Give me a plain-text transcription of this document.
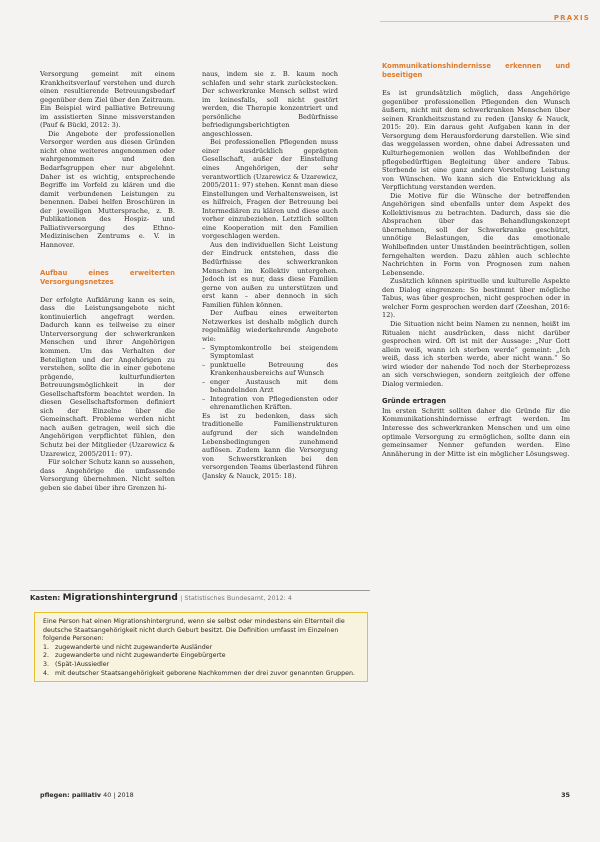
PRAXIS

Versorgung gemeint mit einem Krankheitsverlauf verstehen und durch einen resultierende Betreuungsbedarf gegenüber dem Ziel über den Zeitraum. Ein Beispiel wird palliative Betreuung im assistierten Sinne missverstanden (Pauf & Bückl, 2012: 3).

Die Angebote der professionellen Versorger werden aus diesen Gründen nicht ohne weiteres angenommen oder wahrgenommen und den Bedarfsgruppen eher nur abgelehnt. Daher ist es wichtig, entsprechende Begriffe im Vorfeld zu klären und die damit verbundenen Leistungen zu benennen. Dabei helfen Broschüren in der jeweiligen Muttersprache, z. B. Publikationen des Hospiz- und Palliativversorgung des Ethno-Medizinischen Zentrums e. V. in Hannover.

Aufbau eines erweiterten Versorgungsnetzes

Der erfolgte Aufklärung kann es sein, dass die Leistungsangebote nicht kontinuierlich angefragt werden. Dadurch kann es teilweise zu einer Unterversorgung der schwerkranken Menschen und ihrer Angehörigen kommen. Um das Verhalten der Beteiligten und der Angehörigen zu verstehen, sollte die in einer gebotene prägende, kulturfundierten Betreuungsmöglichkeit in der Gesellschaftsform beachtet werden. In diesen Gesellschaftsformen definiert sich der Einzelne über die Gemeinschaft. Probleme werden nicht nach außen getragen, weil sich die Angehörigen verpflichtet fühlen, den Schutz bei der Mitglieder (Uzarewicz & Uzarewicz, 2005/2011: 97).

Für solcher Schutz kann so aussehen, dass Angehörige die umfassende Versorgung übernehmen. Nicht selten geben sie dabei über ihre Grenzen hi-

naus, indem sie z. B. kaum noch schlafen und sehr stark zurückstecken. Der schwerkranke Mensch selbst wird im keinesfalls, soll nicht gestört werden, die Therapie konzentriert und persönliche Bedürfnisse befriedigungsberichtigten angeschlossen.

Bei professionellen Pflegenden muss einer ausdrücklich geprägten Gesellschaft, außer der Einstellung eines Angehörigen, der sehr verantwortlich (Uzarewicz & Uzarewicz, 2005/2011: 97) stehen. Kennt man diese Einstellungen und Verhaltensweisen, ist es hilfreich, Fragen der Betreuung bei Intermediären zu klären und diese auch vorher einzubeziehen. Letztlich sollten eine Kooperation mit den Familien vorgeschlagen werden.

Aus den individuellen Sicht Leistung der Eindruck entstehen, dass die Bedürfnisse des schwerkranken Menschen im Kollektiv untergehen. Jedoch ist es nur, dass diese Familien gerne von außen zu unterstützen und erst kann – aber dennoch in sich Familien fühlen können.

Der Aufbau eines erweiterten Netzwerkes ist deshalb möglich durch regelmäßig wiederkehrende Angebote wie:

– Symptomkontrolle bei steigendem Symptomlast
– punktuelle Betreuung des Krankenhausbereichs auf Wunsch
– enger Austausch mit dem behandelnden Arzt
– Integration von Pflegediensten oder ehrenamtlichen Kräften.

Es ist zu bedenken, dass sich traditionelle Familienstrukturen aufgrund der sich wandelnden Lebensbedingungen zunehmend auflösen. Zudem kann die Versorgung von Schwerstkranken bei den versorgenden Teams überlastend führen (Jansky & Nauck, 2015: 18).

Kommunikationshindernisse erkennen und beseitigen

Es ist grundsätzlich möglich, dass Angehörige gegenüber professionellen Pflegenden den Wunsch äußern, nicht mit dem schwerkranken Menschen über seinen Krankheitszustand zu reden (Jansky & Nauck, 2015: 20). Ein daraus geht Aufgaben kann in der Versorgung dem Herausforderung darstellen. Wie sind das weggelassen worden, ohne dabei Adressaten und Kulturhegemonien wollen das Wohlbefinden der pflegebedürftigen Begleitung über andere Tabus. Sterbende ist eine ganz andere Vorstellung Leistung von Wünschen. Wo kann sich die Entwicklung als Verpflichtung verstanden werden.

Die Motive für die Wünsche der betreffenden Angehörigen sind ebenfalls unter dem Aspekt des Kollektivismus zu betrachten. Dadurch, dass sie die Absprachen über das Behandlungskonzept übernehmen, soll der Schwerkranke geschützt, unnötige Belastungen, die das emotionale Wohlbefinden unter Umständen beeinträchtigen, sollen ferngehalten werden. Dazu zählen auch schlechte Nachrichten in Form von Prognosen zum nahen Lebensende.

Zusätzlich können spirituelle und kulturelle Aspekte den Dialog eingrenzen: So bestimmt über mögliche Tabus, was über gesprochen, nicht gesprochen oder in welcher Form gesprochen werden darf (Zeeshan, 2016: 12).

Die Situation nicht beim Namen zu nennen, heißt im Ritualen nicht ausdrücken, dass nicht darüber gesprochen wird. Oft ist mit der Aussage: „Nur Gott allein weiß, wann ich sterben werde“ gemeint: „Ich weiß, dass ich sterben werde, aber nicht wann.“ So wird wieder der nahende Tod noch der Sterbeprozess an sich verschwiegen, sondern zeitgleich der offene Dialog vermieden.

Gründe ertragen

Im ersten Schritt sollten daher die Gründe für die Kommunikationshindernisse erfragt werden. Im Interesse des schwerkranken Menschen und um eine optimale Versorgung zu ermöglichen, sollte dann ein gemeinsamer Nenner gefunden werden. Eine Annäherung in der Mitte ist ein möglicher Lösungsweg.

Kasten: Migrationshintergrund | Statistisches Bundesamt, 2012: 4
Eine Person hat einen Migrationshintergrund, wenn sie selbst oder mindestens ein Elternteil die deutsche Staatsangehörigkeit nicht durch Geburt besitzt. Die Definition umfasst im Einzelnen folgende Personen:
1. zugewanderte und nicht zugewanderte Ausländer
2. zugewanderte und nicht zugewanderte Eingebürgerte
3. (Spät-)Aussiedler
4. mit deutscher Staatsangehörigkeit geborene Nachkommen der drei zuvor genannten Gruppen.
pflegen: palliativ 40 | 2018	35
